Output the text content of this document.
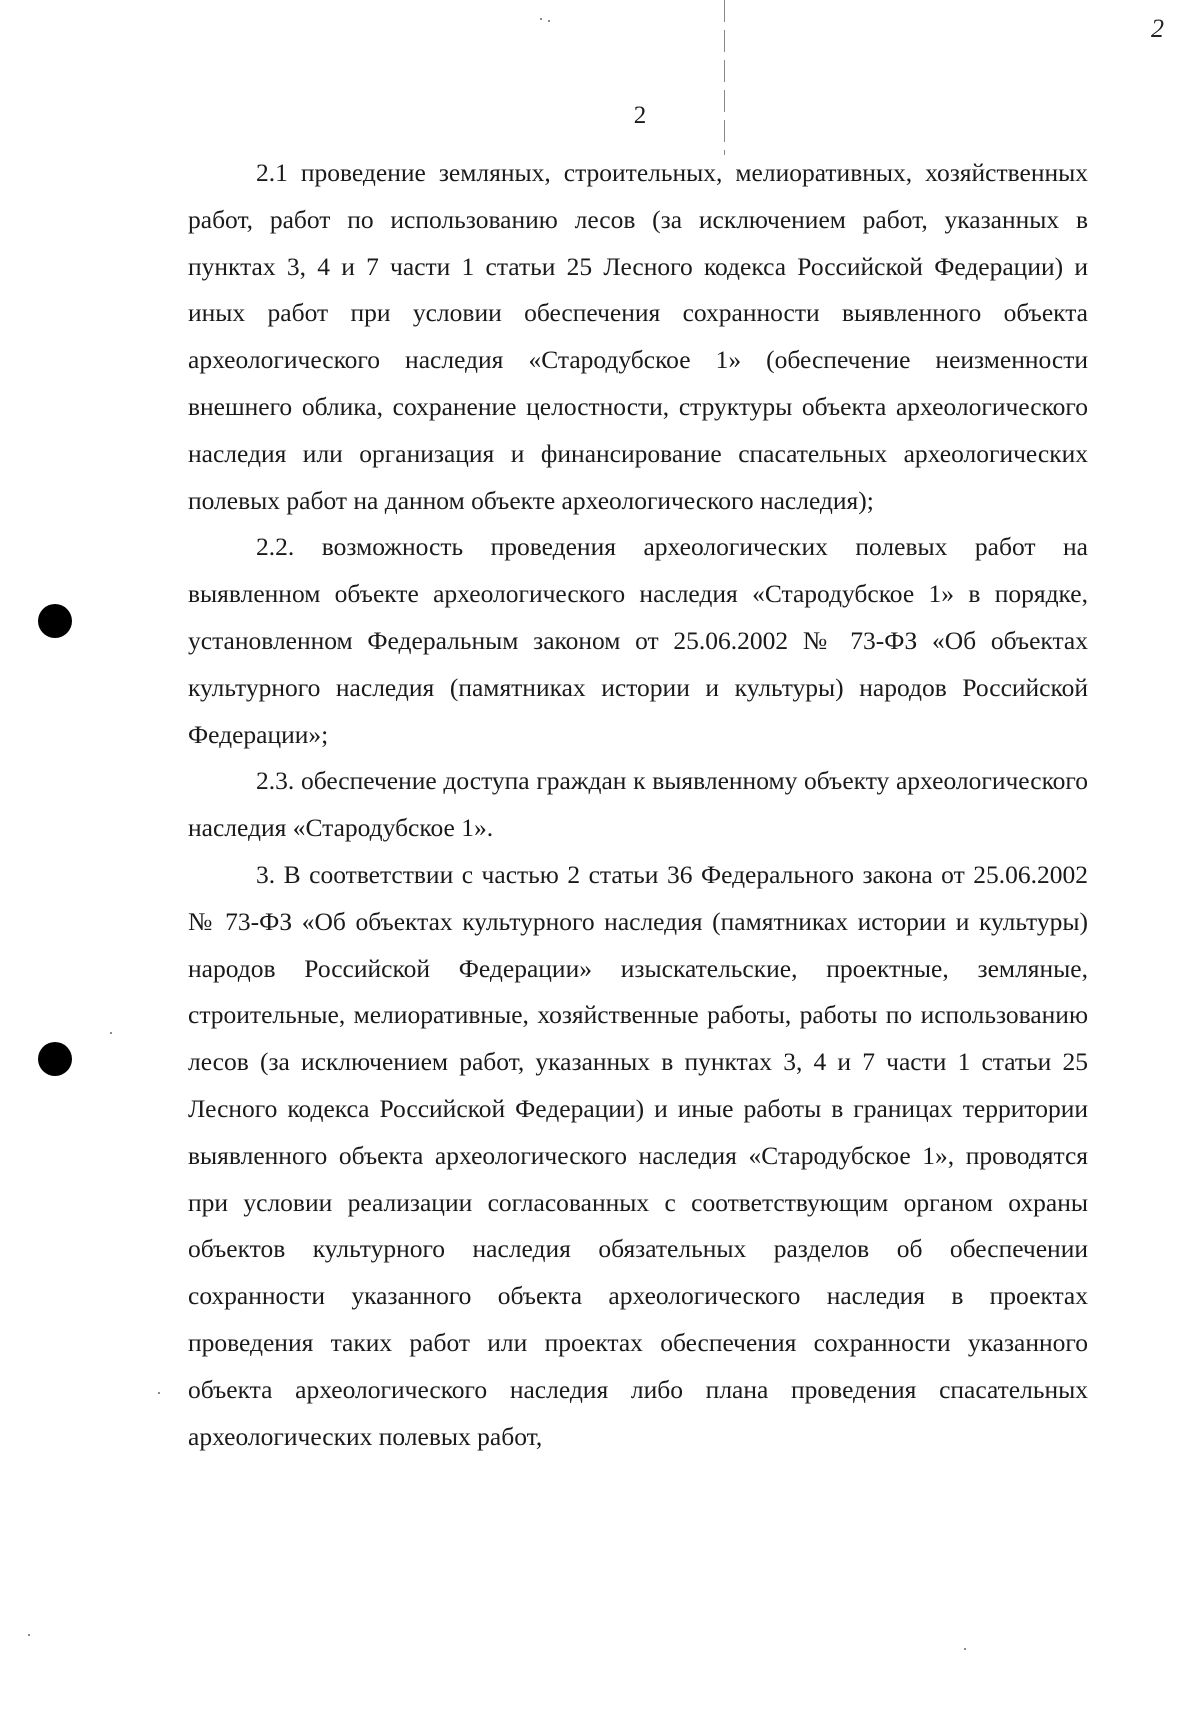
2
2

2.1 проведение земляных, строительных, мелиоративных, хозяйственных работ, работ по использованию лесов (за исключением работ, указанных в пунктах 3, 4 и 7 части 1 статьи 25 Лесного кодекса Российской Федерации) и иных работ при условии обеспечения сохранности выявленного объекта археологического наследия «Стародубское 1» (обеспечение неизменности внешнего облика, сохранение целостности, структуры объекта археологического наследия или организация и финансирование спасательных археологических полевых работ на данном объекте археологического наследия);

2.2. возможность проведения археологических полевых работ на выявленном объекте археологического наследия «Стародубское 1» в порядке, установленном Федеральным законом от 25.06.2002 № 73-ФЗ «Об объектах культурного наследия (памятниках истории и культуры) народов Российской Федерации»;

2.3. обеспечение доступа граждан к выявленному объекту археологического наследия «Стародубское 1».

3. В соответствии с частью 2 статьи 36 Федерального закона от 25.06.2002 № 73-ФЗ «Об объектах культурного наследия (памятниках истории и культуры) народов Российской Федерации» изыскательские, проектные, земляные, строительные, мелиоративные, хозяйственные работы, работы по использованию лесов (за исключением работ, указанных в пунктах 3, 4 и 7 части 1 статьи 25 Лесного кодекса Российской Федерации) и иные работы в границах территории выявленного объекта археологического наследия «Стародубское 1», проводятся при условии реализации согласованных с соответствующим органом охраны объектов культурного наследия обязательных разделов об обеспечении сохранности указанного объекта археологического наследия в проектах проведения таких работ или проектах обеспечения сохранности указанного объекта археологического наследия либо плана проведения спасательных археологических полевых работ,
